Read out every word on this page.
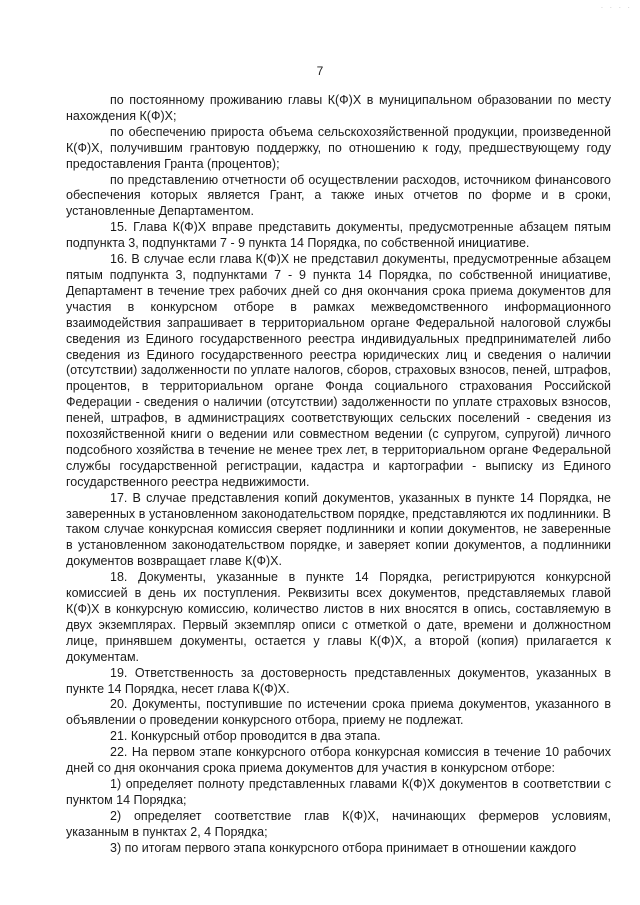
· · · ·
7

по постоянному проживанию главы К(Ф)Х в муниципальном образовании по месту нахождения К(Ф)Х;

по обеспечению прироста объема сельскохозяйственной продукции, произведенной К(Ф)Х, получившим грантовую поддержку, по отношению к году, предшествующему году предоставления Гранта (процентов);

по представлению отчетности об осуществлении расходов, источником финансового обеспечения которых является Грант, а также иных отчетов по форме и в сроки, установленные Департаментом.

15. Глава К(Ф)Х вправе представить документы, предусмотренные абзацем пятым подпункта 3, подпунктами 7 - 9 пункта 14 Порядка, по собственной инициативе.

16. В случае если глава К(Ф)Х не представил документы, предусмотренные абзацем пятым подпункта 3, подпунктами 7 - 9 пункта 14 Порядка, по собственной инициативе, Департамент в течение трех рабочих дней со дня окончания срока приема документов для участия в конкурсном отборе в рамках межведомственного информационного взаимодействия запрашивает в территориальном органе Федеральной налоговой службы сведения из Единого государственного реестра индивидуальных предпринимателей либо сведения из Единого государственного реестра юридических лиц и сведения о наличии (отсутствии) задолженности по уплате налогов, сборов, страховых взносов, пеней, штрафов, процентов, в территориальном органе Фонда социального страхования Российской Федерации - сведения о наличии (отсутствии) задолженности по уплате страховых взносов, пеней, штрафов, в администрациях соответствующих сельских поселений - сведения из похозяйственной книги о ведении или совместном ведении (с супругом, супругой) личного подсобного хозяйства в течение не менее трех лет, в территориальном органе Федеральной службы государственной регистрации, кадастра и картографии - выписку из Единого государственного реестра недвижимости.

17. В случае представления копий документов, указанных в пункте 14 Порядка, не заверенных в установленном законодательством порядке, представляются их подлинники. В таком случае конкурсная комиссия сверяет подлинники и копии документов, не заверенные в установленном законодательством порядке, и заверяет копии документов, а подлинники документов возвращает главе К(Ф)Х.

18. Документы, указанные в пункте 14 Порядка, регистрируются конкурсной комиссией в день их поступления. Реквизиты всех документов, представляемых главой К(Ф)Х в конкурсную комиссию, количество листов в них вносятся в опись, составляемую в двух экземплярах. Первый экземпляр описи с отметкой о дате, времени и должностном лице, принявшем документы, остается у главы К(Ф)Х, а второй (копия) прилагается к документам.

19. Ответственность за достоверность представленных документов, указанных в пункте 14 Порядка, несет глава К(Ф)Х.

20. Документы, поступившие по истечении срока приема документов, указанного в объявлении о проведении конкурсного отбора, приему не подлежат.

21. Конкурсный отбор проводится в два этапа.

22. На первом этапе конкурсного отбора конкурсная комиссия в течение 10 рабочих дней со дня окончания срока приема документов для участия в конкурсном отборе:

1) определяет полноту представленных главами К(Ф)Х документов в соответствии с пунктом 14 Порядка;

2) определяет соответствие глав К(Ф)Х, начинающих фермеров условиям, указанным в пунктах 2, 4 Порядка;

3) по итогам первого этапа конкурсного отбора принимает в отношении каждого
